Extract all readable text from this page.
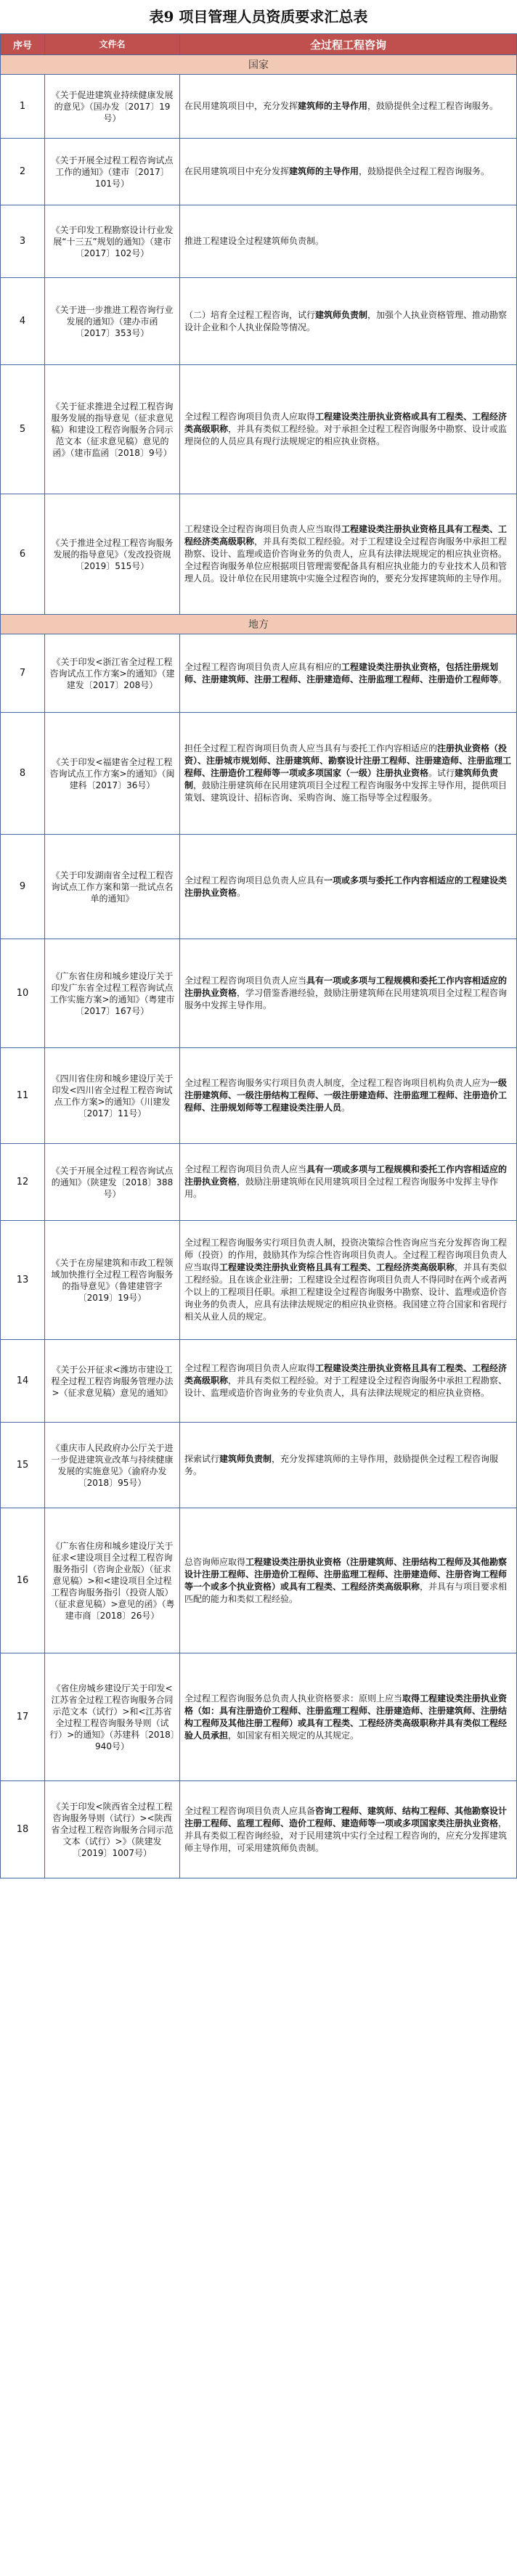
表9 项目管理人员资质要求汇总表
序号	文件名	全过程工程咨询
国家		
1	《关于促进建筑业持续健康发展的意见》（国办发〔2017〕19号）	在民用建筑项目中，充分发挥建筑师的主导作用，鼓励提供全过程工程咨询服务。
2	《关于开展全过程工程咨询试点工作的通知》（建市〔2017〕101号）	在民用建筑项目中充分发挥建筑师的主导作用，鼓励提供全过程工程咨询服务。
3	《关于印发工程勘察设计行业发展“十三五”规划的通知》（建市〔2017〕102号）	推进工程建设全过程建筑师负责制。
4	《关于进一步推进工程咨询行业发展的通知》（建办市函〔2017〕353号）	（二）培育全过程工程咨询，试行建筑师负责制，加强个人执业资格管理、推动勘察设计企业和个人执业保险等情况。
5	《关于征求推进全过程工程咨询服务发展的指导意见（征求意见稿）和建设工程咨询服务合同示范文本（征求意见稿）意见的函》（建市监函〔2018〕9号）	全过程工程咨询项目负责人应取得工程建设类注册执业资格或具有工程类、工程经济类高级职称，并具有类似工程经验。对于承担全过程工程咨询服务中勘察、设计或监理岗位的人员应具有现行法规规定的相应执业资格。
6	《关于推进全过程工程咨询服务发展的指导意见》（发改投资规〔2019〕515号）	工程建设全过程咨询项目负责人应当取得工程建设类注册执业资格且具有工程类、工程经济类高级职称，并具有类似工程经验。对于工程建设全过程咨询服务中承担工程勘察、设计、监理或造价咨询业务的负责人，应具有法律法规规定的相应执业资格。全过程咨询服务单位应根据项目管理需要配备具有相应执业能力的专业技术人员和管理人员。设计单位在民用建筑中实施全过程咨询的，要充分发挥建筑师的主导作用。
地方		
7	《关于印发<浙江省全过程工程咨询试点工作方案>的通知》（建建发〔2017〕208号）	全过程工程咨询项目负责人应具有相应的工程建设类注册执业资格，包括注册规划师、注册建筑师、注册工程师、注册建造师、注册监理工程师、注册造价工程师等。
8	《关于印发<福建省全过程工程咨询试点工作方案>的通知》（闽建科〔2017〕36号）	担任全过程工程咨询项目负责人应当具有与委托工作内容相适应的注册执业资格（投资）、注册城市规划师、注册建筑师、勘察设计注册工程师、注册建造师、注册监理工程师、注册造价工程师等一项或多项国家（一级）注册执业资格。试行建筑师负责制，鼓励注册建筑师在民用建筑项目全过程工程咨询服务中发挥主导作用，提供项目策划、建筑设计、招标咨询、采购咨询、施工指导等全过程服务。
9	《关于印发湖南省全过程工程咨询试点工作方案和第一批试点名单的通知》	全过程工程咨询项目总负责人应具有一项或多项与委托工作内容相适应的工程建设类注册执业资格。
10	《广东省住房和城乡建设厅关于印发广东省全过程工程咨询试点工作实施方案>的通知》（粤建市〔2017〕167号）	全过程工程咨询项目负责人应当具有一项或多项与工程规模和委托工作内容相适应的注册执业资格，学习借鉴香港经验，鼓励注册建筑师在民用建筑项目全过程工程咨询服务中发挥主导作用。
11	《四川省住房和城乡建设厅关于印发<四川省全过程工程咨询试点工作方案>的通知》（川建发〔2017〕11号）	全过程工程咨询服务实行项目负责人制度，全过程工程咨询项目机构负责人应为一级注册建筑师、一级注册结构工程师、一级注册建造师、注册监理工程师、注册造价工程师、注册规划师等工程建设类注册人员。
12	《关于开展全过程工程咨询试点的通知》（陕建发〔2018〕388号）	全过程工程咨询项目负责人应当具有一项或多项与工程规模和委托工作内容相适应的注册执业资格，鼓励注册建筑师在民用建筑项目全过程工程咨询服务中发挥主导作用。
13	《关于在房屋建筑和市政工程领域加快推行全过程工程咨询服务的指导意见》（鲁建建管字〔2019〕19号）	全过程工程咨询服务实行项目负责人制，投资决策综合性咨询应当充分发挥咨询工程师（投资）的作用，鼓励其作为综合性咨询项目负责人。全过程工程咨询项目负责人应当取得工程建设类注册执业资格且具有工程类、工程经济类高级职称，并具有类似工程经验。且在该企业注册；工程建设全过程咨询项目负责人不得同时在两个或者两个以上的工程项目任职。承担工程建设全过程咨询服务中勘察、设计、监理或造价咨询业务的负责人，应具有法律法规规定的相应执业资格。我国建立符合国家和省现行相关从业人员的规定。
14	《关于公开征求<潍坊市建设工程全过程工程咨询服务管理办法>（征求意见稿）意见的通知》	全过程工程咨询项目负责人应取得工程建设类注册执业资格且具有工程类、工程经济类高级职称，并具有类似工程经验。对于工程建设全过程咨询服务中承担工程勘察、设计、监理或造价咨询业务的专业负责人，具有法律法规规定的相应执业资格。
15	《重庆市人民政府办公厅关于进一步促进建筑业改革与持续健康发展的实施意见》（渝府办发〔2018〕95号）	探索试行建筑师负责制，充分发挥建筑师的主导作用，鼓励提供全过程工程咨询服务。
16	《广东省住房和城乡建设厅关于征求<建设项目全过程工程咨询服务指引（咨询企业版）（征求意见稿）>和<建设项目全过程工程咨询服务指引（投资人版）（征求意见稿）>意见的函》（粤建市商〔2018〕26号）	总咨询师应取得工程建设类注册执业资格（注册建筑师、注册结构工程师及其他勘察设计注册工程师、注册造价工程师、注册监理工程师、注册建造师、注册咨询工程师等一个或多个执业资格）或具有工程类、工程经济类高级职称，并具有与项目要求相匹配的能力和类似工程经验。
17	《省住房城乡建设厅关于印发<江苏省全过程工程咨询服务合同示范文本（试行）>和<江苏省全过程工程咨询服务导则（试行）>的通知》（苏建科〔2018〕940号）	全过程工程咨询服务总负责人执业资格要求：原则上应当取得工程建设类注册执业资格（如：具有注册造价工程师、注册监理工程师、注册建造师、注册建筑师、注册结构工程师及其他注册工程师）或具有工程类、工程经济类高级职称并具有类似工程经验人员承担，如国家有相关规定的从其规定。
18	《关于印发<陕西省全过程工程咨询服务导则（试行）><陕西省全过程工程咨询服务合同示范文本（试行）>》（陕建发〔2019〕1007号）	全过程工程咨询项目负责人应具备咨询工程师、建筑师、结构工程师、其他勘察设计注册工程师、监理工程师、造价工程师、建造师等一项或多项国家类注册执业资格，并具有类似工程咨询经验，对于民用建筑中实行全过程工程咨询的，应充分发挥建筑师主导作用，可采用建筑师负责制。
